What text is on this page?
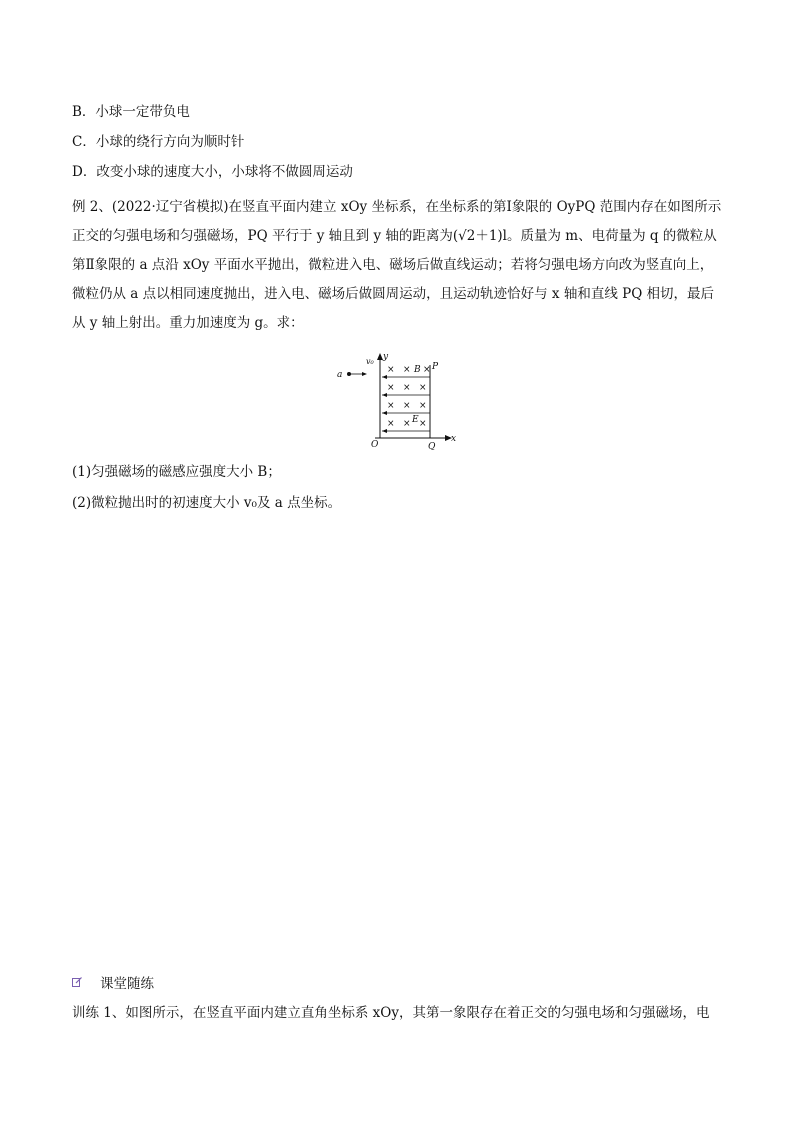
B．小球一定带负电
C．小球的绕行方向为顺时针
D．改变小球的速度大小，小球将不做圆周运动
例 2、(2022·辽宁省模拟)在竖直平面内建立 xOy 坐标系，在坐标系的第Ⅰ象限的 OyPQ 范围内存在如图所示正交的匀强电场和匀强磁场，PQ 平行于 y 轴且到 y 轴的距离为(√2＋1)l。质量为 m、电荷量为 q 的微粒从第Ⅱ象限的 a 点沿 xOy 平面水平抛出，微粒进入电、磁场后做直线运动；若将匀强电场方向改为竖直向上，微粒仍从 a 点以相同速度抛出，进入电、磁场后做圆周运动，且运动轨迹恰好与 x 轴和直线 PQ 相切，最后从 y 轴上射出。重力加速度为 g。求：
y
x
P
Q
O
× × ×
× × ×
× × ×
× × ×
B
E
a
v₀
(1)匀强磁场的磁感应强度大小 B；
(2)微粒抛出时的初速度大小 v₀及 a 点坐标。
课堂随练
训练 1、如图所示，在竖直平面内建立直角坐标系 xOy，其第一象限存在着正交的匀强电场和匀强磁场，电
